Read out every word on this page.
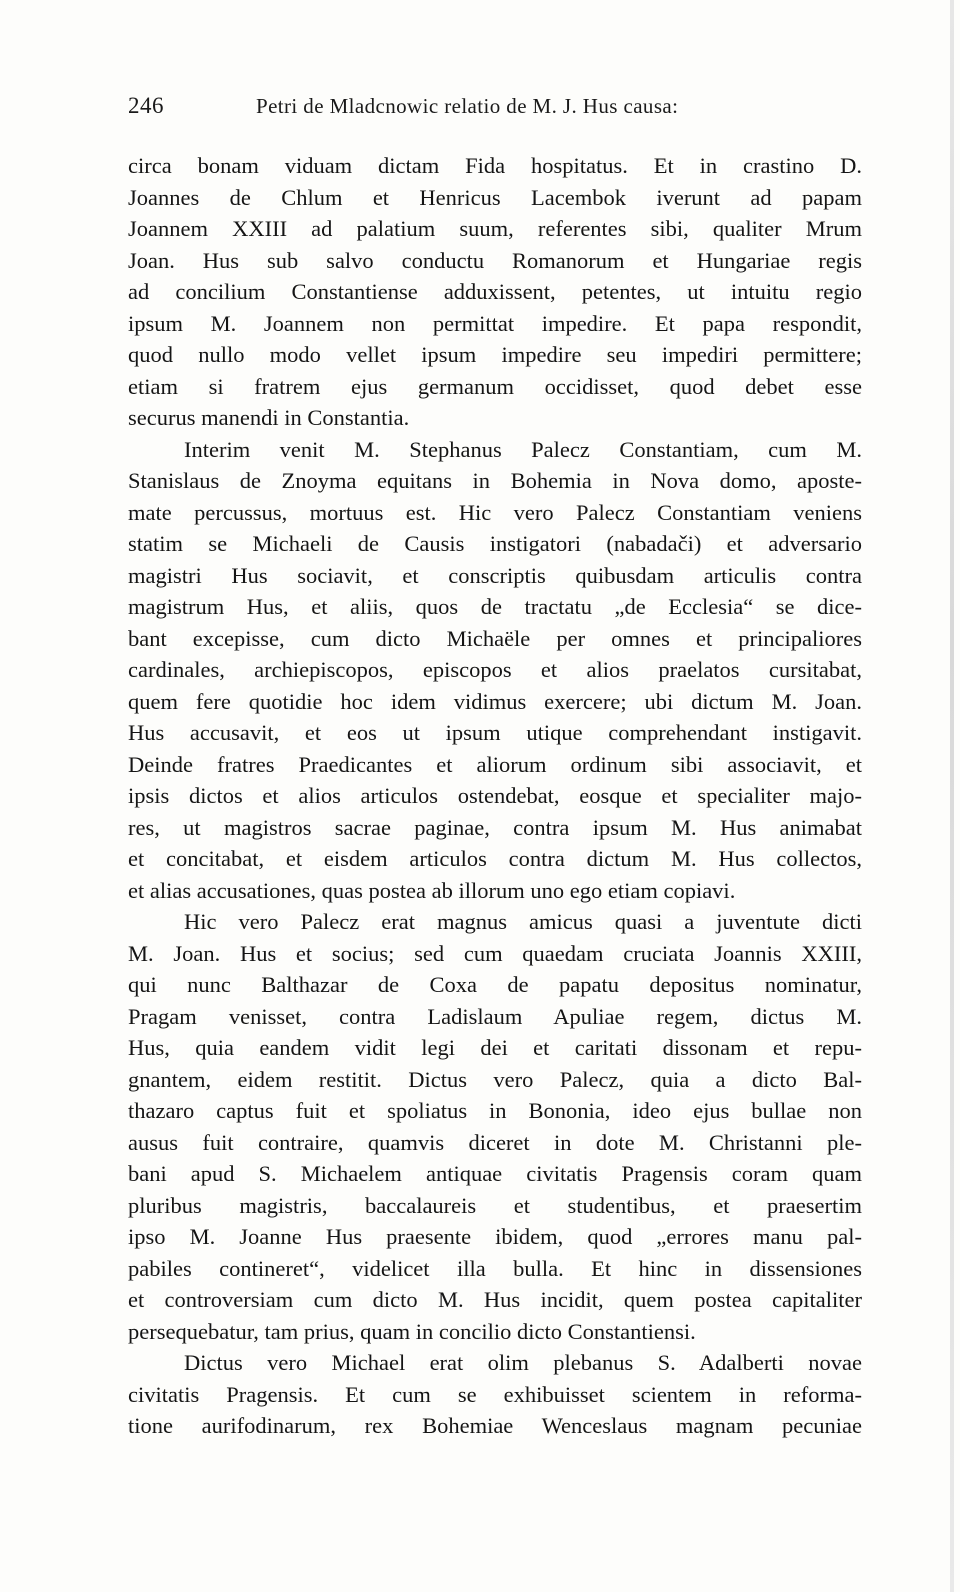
246	Petri de Mladcnowic relatio de M. J. Hus causa:
circa bonam viduam dictam Fida hospitatus. Et in crastino D.
Joannes de Chlum et Henricus Lacembok iverunt ad papam
Joannem XXIII ad palatium suum, referentes sibi, qualiter Mrum
Joan. Hus sub salvo conductu Romanorum et Hungariae regis
ad concilium Constantiense adduxissent, petentes, ut intuitu regio
ipsum M. Joannem non permittat impedire. Et papa respondit,
quod nullo modo vellet ipsum impedire seu impediri permittere;
etiam si fratrem ejus germanum occidisset, quod debet esse
securus manendi in Constantia.
Interim venit M. Stephanus Palecz Constantiam, cum M.
Stanislaus de Znoyma equitans in Bohemia in Nova domo, aposte-
mate percussus, mortuus est. Hic vero Palecz Constantiam veniens
statim se Michaeli de Causis instigatori (nabadači) et adversario
magistri Hus sociavit, et conscriptis quibusdam articulis contra
magistrum Hus, et aliis, quos de tractatu „de Ecclesia“ se dice-
bant excepisse, cum dicto Michaële per omnes et principaliores
cardinales, archiepiscopos, episcopos et alios praelatos cursitabat,
quem fere quotidie hoc idem vidimus exercere; ubi dictum M. Joan.
Hus accusavit, et eos ut ipsum utique comprehendant instigavit.
Deinde fratres Praedicantes et aliorum ordinum sibi associavit, et
ipsis dictos et alios articulos ostendebat, eosque et specialiter majo-
res, ut magistros sacrae paginae, contra ipsum M. Hus animabat
et concitabat, et eisdem articulos contra dictum M. Hus collectos,
et alias accusationes, quas postea ab illorum uno ego etiam copiavi.
Hic vero Palecz erat magnus amicus quasi a juventute dicti
M. Joan. Hus et socius; sed cum quaedam cruciata Joannis XXIII,
qui nunc Balthazar de Coxa de papatu depositus nominatur,
Pragam venisset, contra Ladislaum Apuliae regem, dictus M.
Hus, quia eandem vidit legi dei et caritati dissonam et repu-
gnantem, eidem restitit. Dictus vero Palecz, quia a dicto Bal-
thazaro captus fuit et spoliatus in Bononia, ideo ejus bullae non
ausus fuit contraire, quamvis diceret in dote M. Christanni ple-
bani apud S. Michaelem antiquae civitatis Pragensis coram quam
pluribus magistris, baccalaureis et studentibus, et praesertim
ipso M. Joanne Hus praesente ibidem, quod „errores manu pal-
pabiles contineret“, videlicet illa bulla. Et hinc in dissensiones
et controversiam cum dicto M. Hus incidit, quem postea capitaliter
persequebatur, tam prius, quam in concilio dicto Constantiensi.
Dictus vero Michael erat olim plebanus S. Adalberti novae
civitatis Pragensis. Et cum se exhibuisset scientem in reforma-
tione aurifodinarum, rex Bohemiae Wenceslaus magnam pecuniae
